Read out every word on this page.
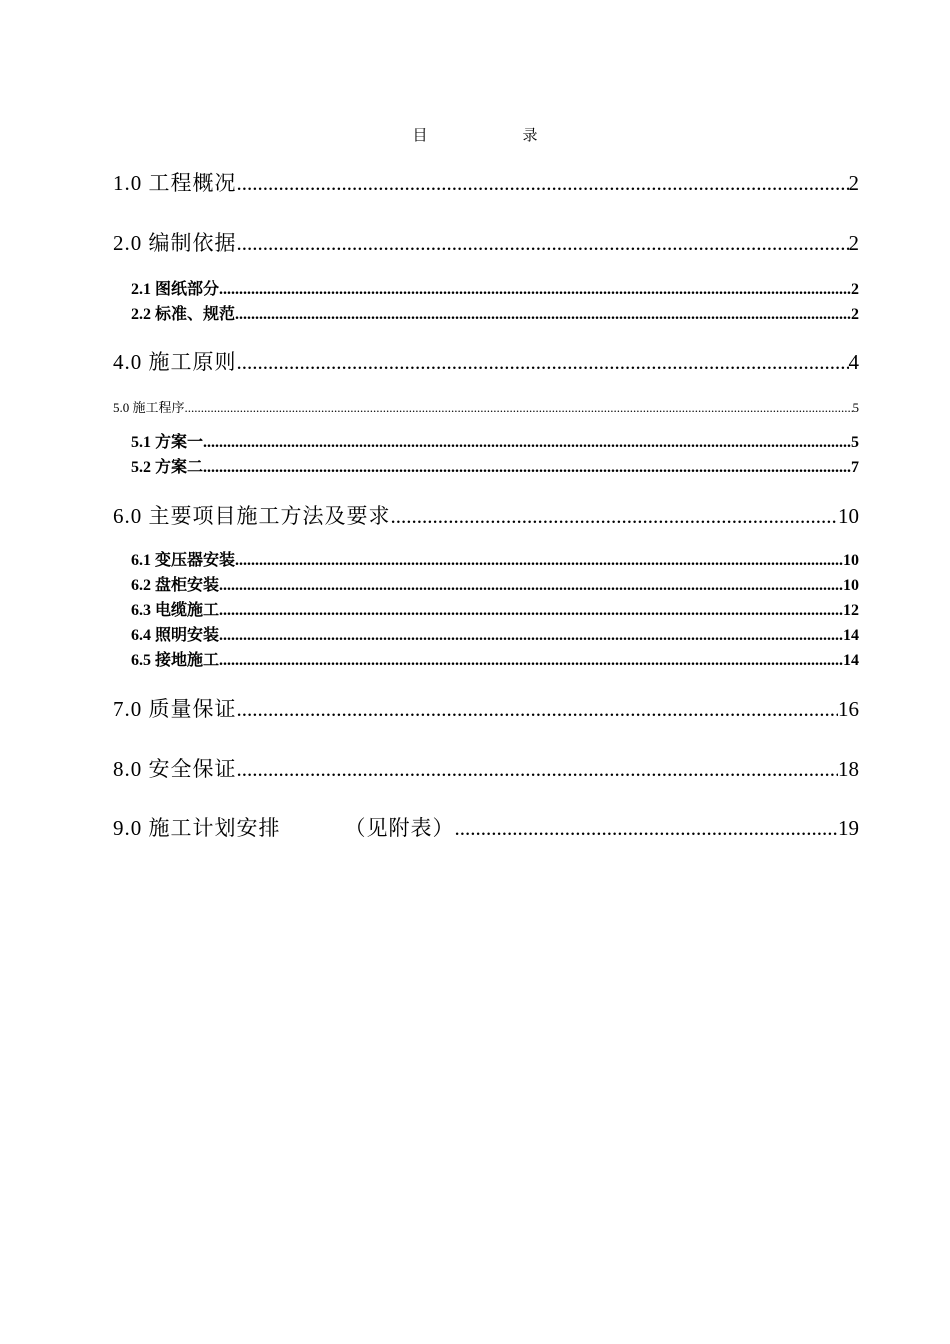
目　录
1.0 工程概况 .....	2
2.0 编制依据 .....	2
2.1 图纸部分 .....	2
2.2 标准、规范 .....	2
4.0 施工原则 .....	4
5.0 施工程序 .....	5
5.1 方案一 .....	5
5.2 方案二 .....	7
6.0 主要项目施工方法及要求 .....	10
6.1 变压器安装 .....	10
6.2 盘柜安装 .....	10
6.3 电缆施工 .....	12
6.4 照明安装 .....	14
6.5 接地施工 .....	14
7.0 质量保证 .....	16
8.0 安全保证 .....	18
9.0 施工计划安排	（见附表） .....	19
